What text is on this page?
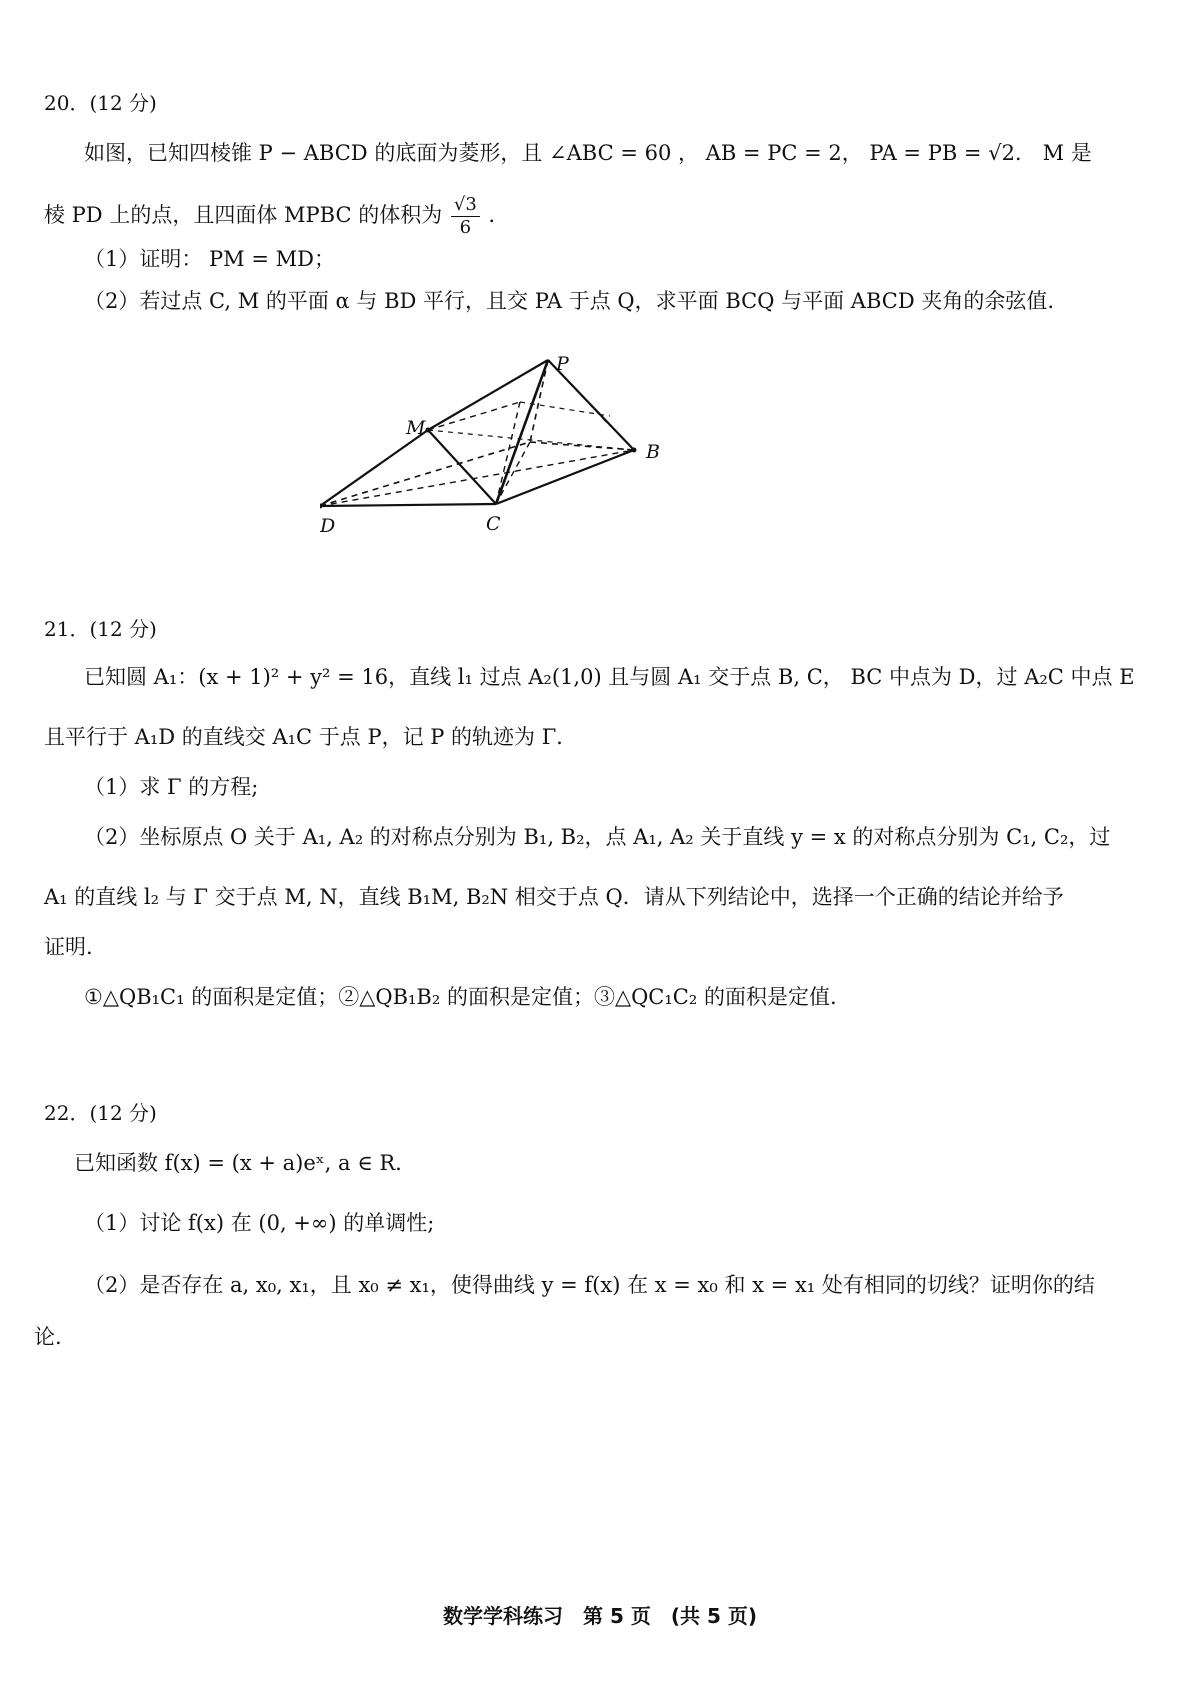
20．(12 分)
如图，已知四棱锥 P − ABCD 的底面为菱形，且 ∠ABC = 60 ， AB = PC = 2， PA = PB = √2． M 是
棱 PD 上的点，且四面体 MPBC 的体积为 $\frac{√3}{6}$ ．
（1）证明： PM = MD；
（2）若过点 C, M 的平面 α 与 BD 平行，且交 PA 于点 Q，求平面 BCQ 与平面 ABCD 夹角的余弦值.
P
M
B
D	C
21．(12 分)
已知圆 A₁：(x + 1)² + y² = 16，直线 l₁ 过点 A₂(1,0) 且与圆 A₁ 交于点 B, C， BC 中点为 D，过 A₂C 中点 E
且平行于 A₁D 的直线交 A₁C 于点 P，记 P 的轨迹为 Γ．
（1）求 Γ 的方程;
（2）坐标原点 O 关于 A₁, A₂ 的对称点分别为 B₁, B₂，点 A₁, A₂ 关于直线 y = x 的对称点分别为 C₁, C₂，过
A₁ 的直线 l₂ 与 Γ 交于点 M, N，直线 B₁M, B₂N 相交于点 Q．请从下列结论中，选择一个正确的结论并给予
证明.
①△QB₁C₁ 的面积是定值；②△QB₁B₂ 的面积是定值；③△QC₁C₂ 的面积是定值.
22．(12 分)
已知函数 f(x) = (x + a)eˣ, a ∈ R．
（1）讨论 f(x) 在 (0, +∞) 的单调性;
（2）是否存在 a, x₀, x₁，且 x₀ ≠ x₁，使得曲线 y = f(x) 在 x = x₀ 和 x = x₁ 处有相同的切线？证明你的结
论.
数学学科练习　第 5 页　(共 5 页)
